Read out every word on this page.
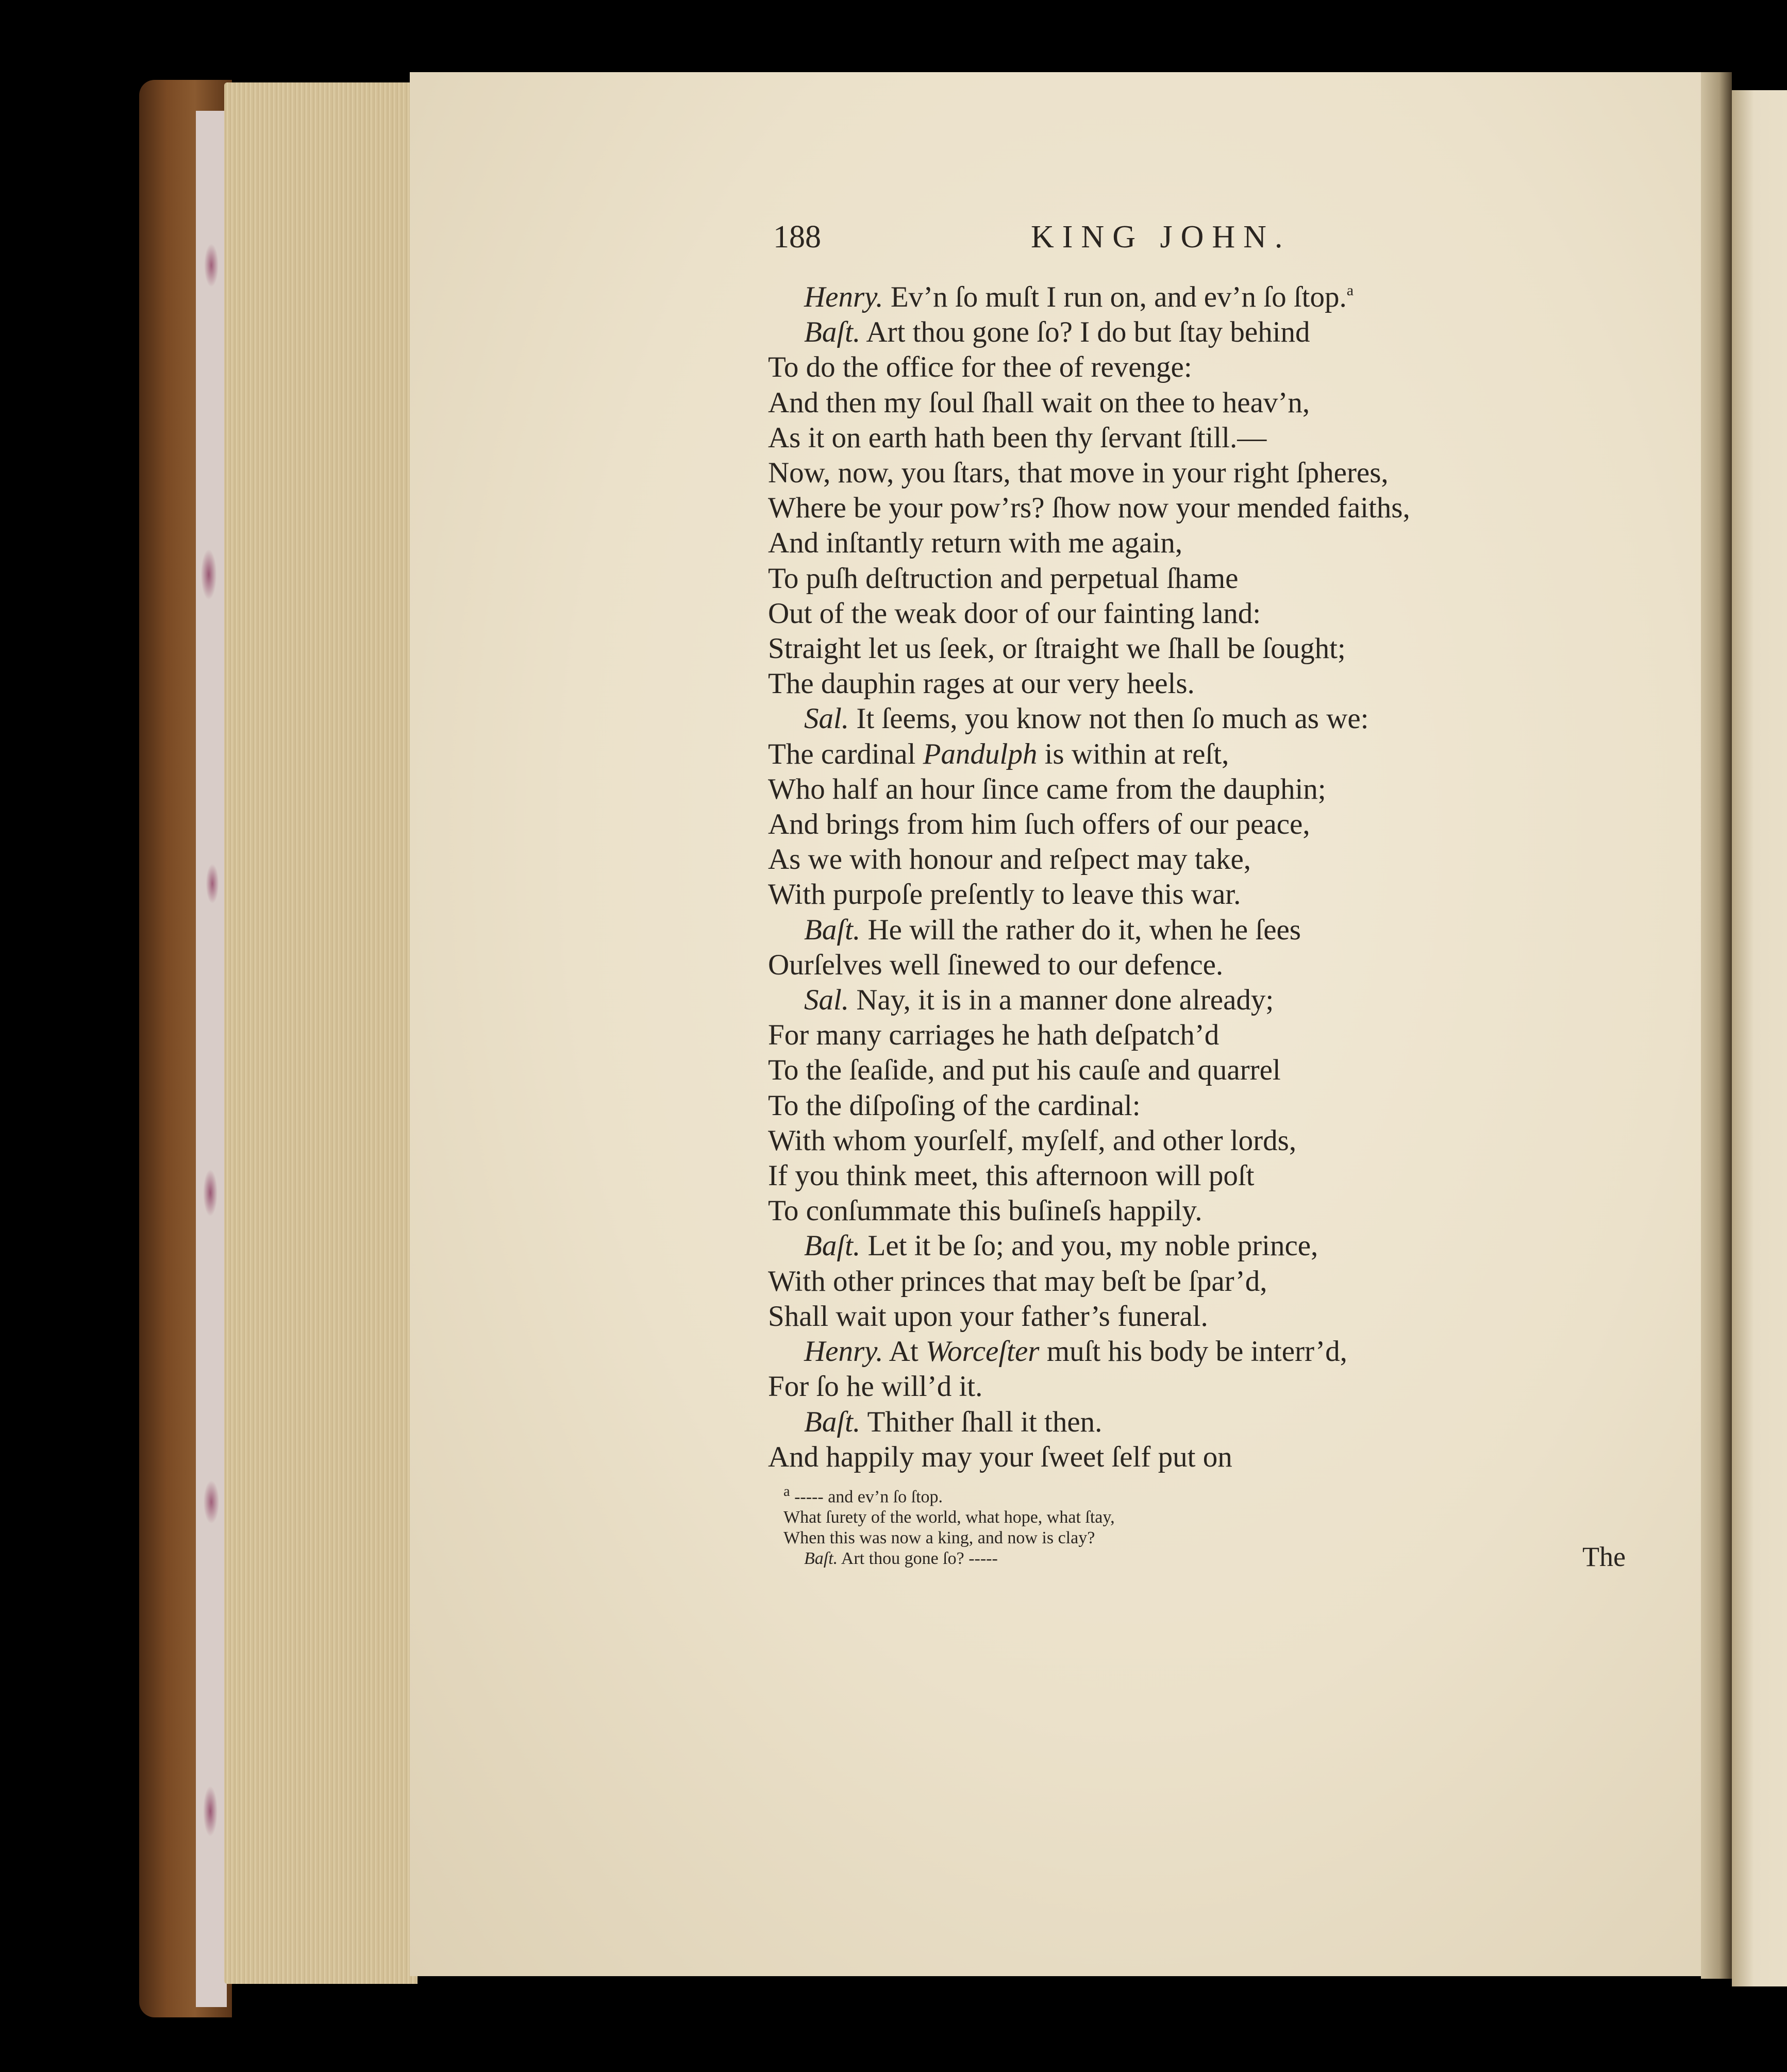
188	KING JOHN.
Henry. Ev’n ſo muſt I run on, and ev’n ſo ſtop.$^a$
Baſt. Art thou gone ſo? I do but ſtay behind
To do the office for thee of revenge:
And then my ſoul ſhall wait on thee to heav’n,
As it on earth hath been thy ſervant ſtill.—
Now, now, you ſtars, that move in your right ſpheres,
Where be your pow’rs? ſhow now your mended faiths,
And inſtantly return with me again,
To puſh deſtruction and perpetual ſhame
Out of the weak door of our fainting land:
Straight let us ſeek, or ſtraight we ſhall be ſought;
The dauphin rages at our very heels.
Sal. It ſeems, you know not then ſo much as we:
The cardinal Pandulph is within at reſt,
Who half an hour ſince came from the dauphin;
And brings from him ſuch offers of our peace,
As we with honour and reſpect may take,
With purpoſe preſently to leave this war.
Baſt. He will the rather do it, when he ſees
Ourſelves well ſinewed to our defence.
Sal. Nay, it is in a manner done already;
For many carriages he hath deſpatch’d
To the ſeaſide, and put his cauſe and quarrel
To the diſpoſing of the cardinal:
With whom yourſelf, myſelf, and other lords,
If you think meet, this afternoon will poſt
To conſummate this buſineſs happily.
Baſt. Let it be ſo; and you, my noble prince,
With other princes that may beſt be ſpar’d,
Shall wait upon your father’s funeral.
Henry. At Worceſter muſt his body be interr’d,
For ſo he will’d it.
Baſt. Thither ſhall it then.
And happily may your ſweet ſelf put on
$^a$ ----- and ev’n ſo ſtop.
What ſurety of the world, what hope, what ſtay,
When this was now a king, and now is clay?
Baſt. Art thou gone ſo? -----	The
